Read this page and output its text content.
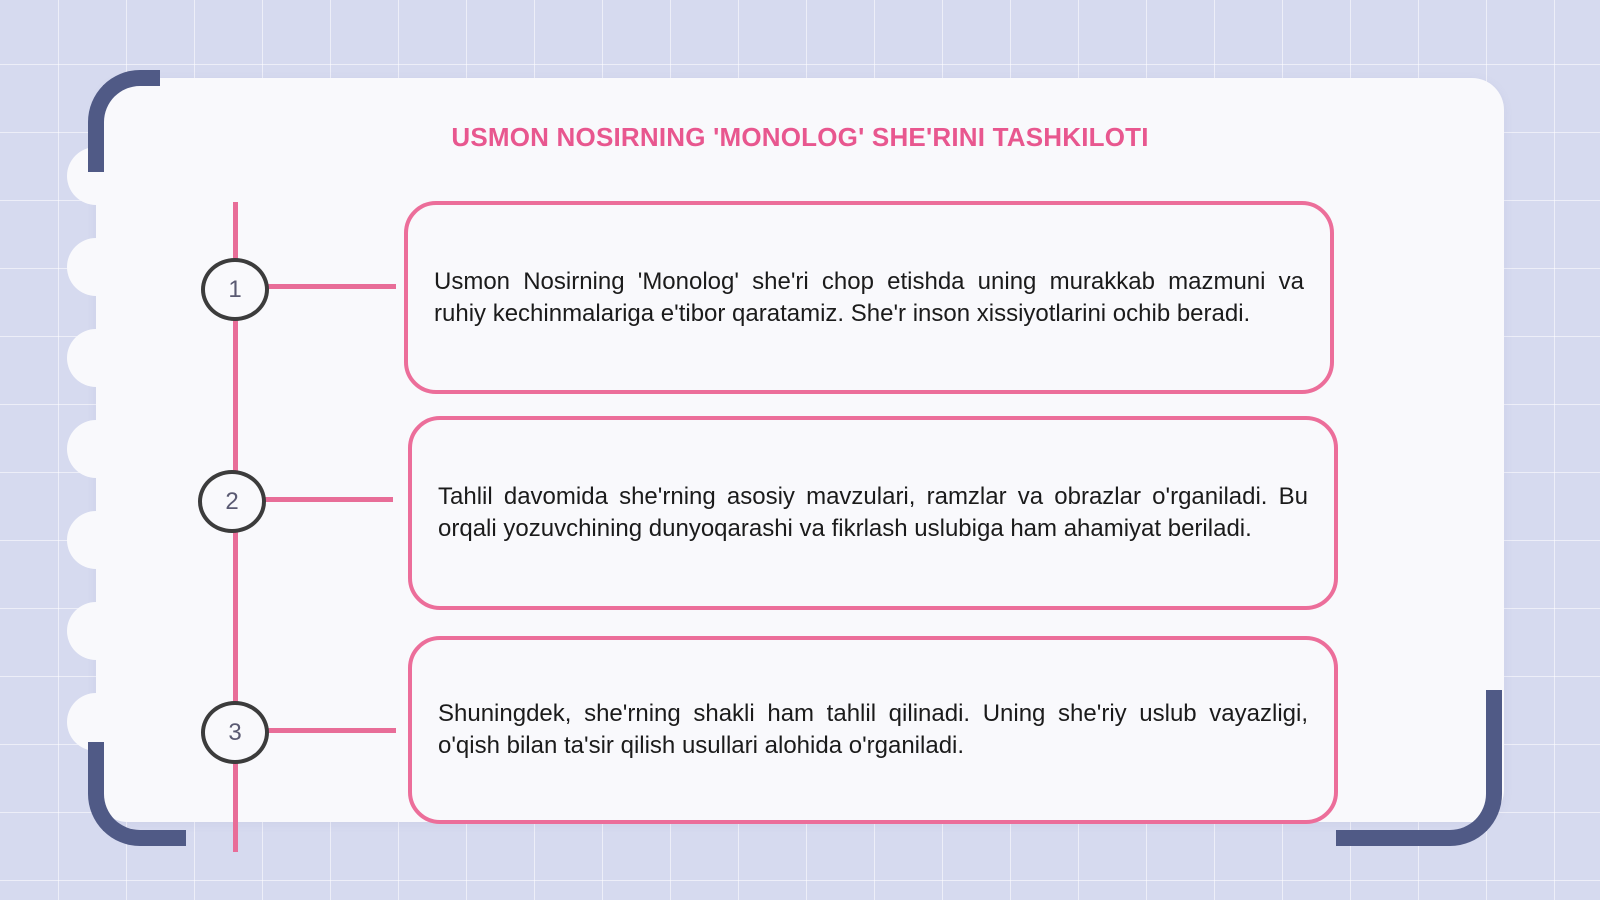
USMON NOSIRNING 'MONOLOG' SHE'RINI TASHKILOTI
1
2
3

Usmon Nosirning 'Monolog' she'ri chop etishda uning murakkab mazmuni va ruhiy kechinmalariga e'tibor qaratamiz. She'r inson xissiyotlarini ochib beradi.

Tahlil davomida she'rning asosiy mavzulari, ramzlar va obrazlar o'rganiladi. Bu orqali yozuvchining dunyoqarashi va fikrlash uslubiga ham ahamiyat beriladi.

Shuningdek, she'rning shakli ham tahlil qilinadi. Uning she'riy uslub vayazligi, o'qish bilan ta'sir qilish usullari alohida o'rganiladi.
